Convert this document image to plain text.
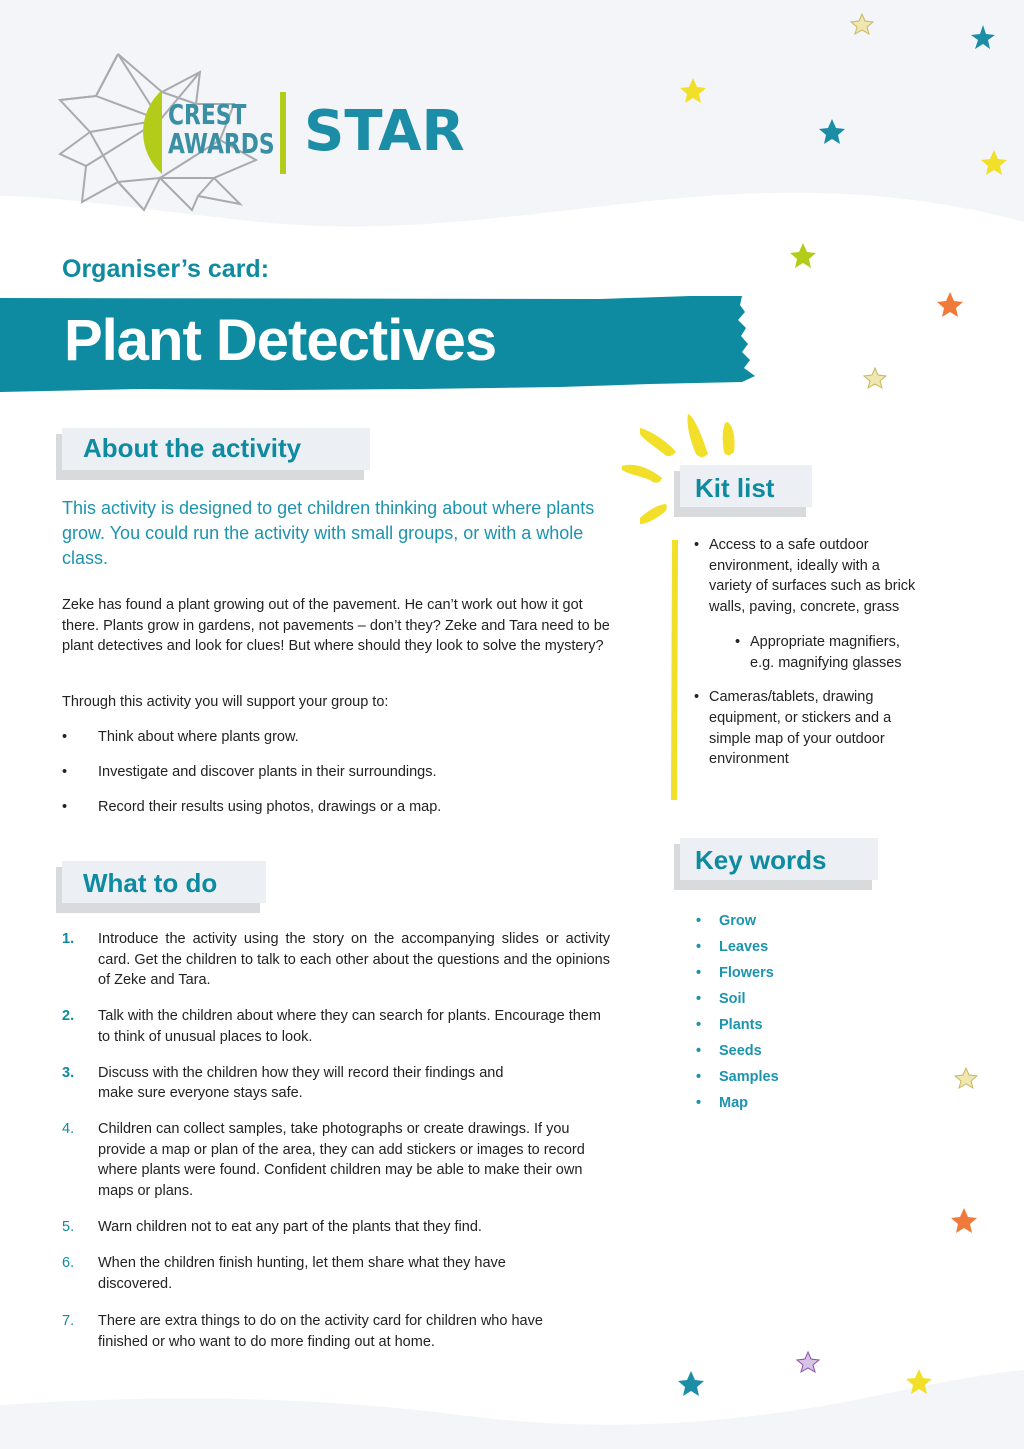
CREST
AWARDS STAR
Organiser’s card:
Plant Detectives
About the activity

This activity is designed to get children thinking about where plants grow. You could run the activity with small groups, or with a whole class.

Zeke has found a plant growing out of the pavement. He can’t work out how it got there. Plants grow in gardens, not pavements – don’t they? Zeke and Tara need to be plant detectives and look for clues! But where should they look to solve the mystery?

Through this activity you will support your group to:

• Think about where plants grow.
• Investigate and discover plants in their surroundings.
• Record their results using photos, drawings or a map.
What to do
1. Introduce the activity using the story on the accompanying slides or activity card. Get the children to talk to each other about the questions and the opinions of Zeke and Tara.
2. Talk with the children about where they can search for plants. Encourage them to think of unusual places to look.
3. Discuss with the children how they will record their findings and make sure everyone stays safe.
4. Children can collect samples, take photographs or create drawings. If you provide a map or plan of the area, they can add stickers or images to record where plants were found. Confident children may be able to make their own maps or plans.
5. Warn children not to eat any part of the plants that they find.
6. When the children finish hunting, let them share what they have discovered.
7. There are extra things to do on the activity card for children who have finished or who want to do more finding out at home.
Kit list
• Access to a safe outdoor environment, ideally with a variety of surfaces such as brick walls, paving, concrete, grass
• Appropriate magnifiers, e.g. magnifying glasses
• Cameras/tablets, drawing equipment, or stickers and a simple map of your outdoor environment
Key words
• Grow
• Leaves
• Flowers
• Soil
• Plants
• Seeds
• Samples
• Map
